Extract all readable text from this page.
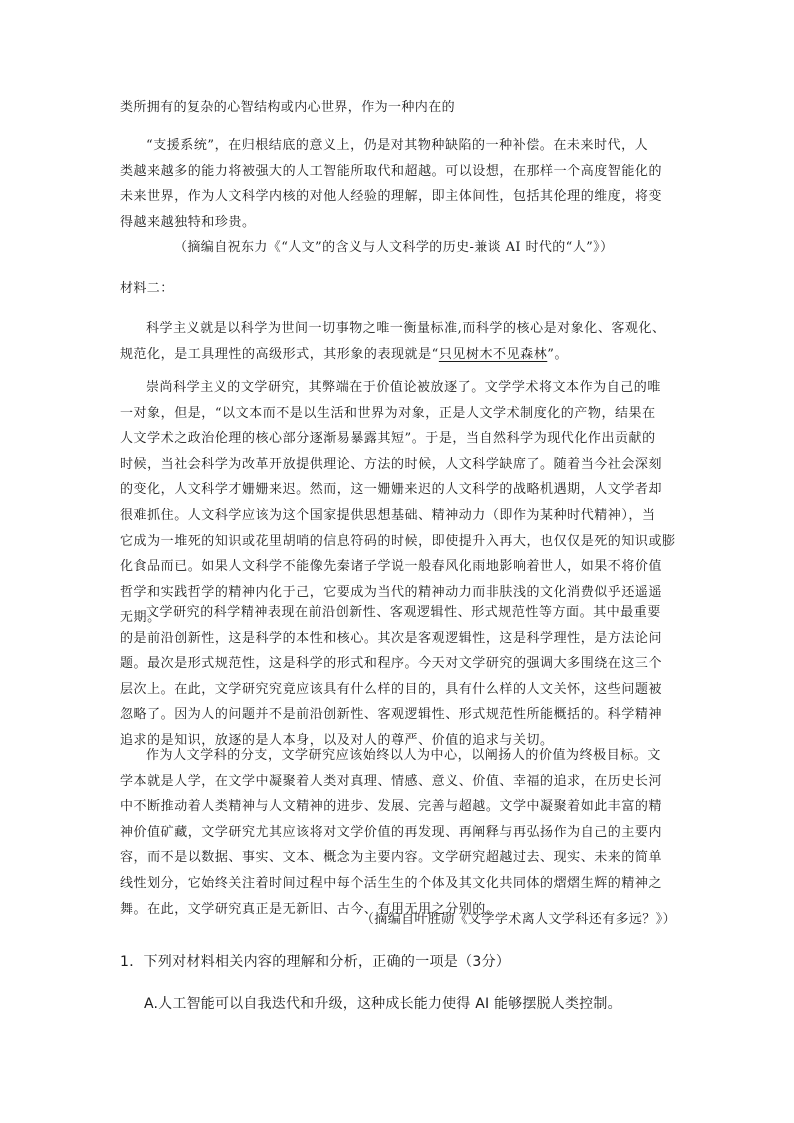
类所拥有的复杂的心智结构或内心世界，作为一种内在的
“支援系统”，在归根结底的意义上，仍是对其物种缺陷的一种补偿。在未来时代，人
类越来越多的能力将被强大的人工智能所取代和超越。可以设想，在那样一个高度智能化的
未来世界，作为人文科学内核的对他人经验的理解，即主体间性，包括其伦理的维度，将变
得越来越独特和珍贵。
（摘编自祝东力《“人文”的含义与人文科学的历史-兼谈 AI 时代的“人”》）
材料二：
科学主义就是以科学为世间一切事物之唯一衡量标准,而科学的核心是对象化、客观化、
规范化，是工具理性的高级形式，其形象的表现就是“只见树木不见森林”。
崇尚科学主义的文学研究，其弊端在于价值论被放逐了。文学学术将文本作为自己的唯
一对象，但是，“以文本而不是以生活和世界为对象，正是人文学术制度化的产物，结果在
人文学术之政治伦理的核心部分逐渐易暴露其短”。于是，当自然科学为现代化作出贡献的
时候，当社会科学为改革开放提供理论、方法的时候，人文科学缺席了。随着当今社会深刻
的变化，人文科学才姗姗来迟。然而，这一姗姗来迟的人文科学的战略机遇期，人文学者却
很难抓住。人文科学应该为这个国家提供思想基础、精神动力（即作为某种时代精神），当
它成为一堆死的知识或花里胡哨的信息符码的时候，即使提升入再大，也仅仅是死的知识或膨
化食品而已。如果人文科学不能像先秦诸子学说一般春风化雨地影响着世人，如果不将价值
哲学和实践哲学的精神内化于己，它要成为当代的精神动力而非肤浅的文化消费似乎还遥遥
无期。
文学研究的科学精神表现在前沿创新性、客观逻辑性、形式规范性等方面。其中最重要
的是前沿创新性，这是科学的本性和核心。其次是客观逻辑性，这是科学理性，是方法论问
题。最次是形式规范性，这是科学的形式和程序。今天对文学研究的强调大多围绕在这三个
层次上。在此，文学研究究竟应该具有什么样的目的，具有什么样的人文关怀，这些问题被
忽略了。因为人的问题并不是前沿创新性、客观逻辑性、形式规范性所能概括的。科学精神
追求的是知识，放逐的是人本身，以及对人的尊严、价值的追求与关切。
作为人文学科的分支，文学研究应该始终以人为中心，以阐扬人的价值为终极目标。文
学本就是人学，在文学中凝聚着人类对真理、情感、意义、价值、幸福的追求，在历史长河
中不断推动着人类精神与人文精神的进步、发展、完善与超越。文学中凝聚着如此丰富的精
神价值矿藏，文学研究尤其应该将对文学价值的再发现、再阐释与再弘扬作为自己的主要内
容，而不是以数据、事实、文本、概念为主要内容。文学研究超越过去、现实、未来的简单
线性划分，它始终关注着时间过程中每个活生生的个体及其文化共同体的熠熠生辉的精神之
舞。在此，文学研究真正是无新旧、古今、有用无用之分别的。
（摘编自叶胜勋《文学学术离人文学科还有多远？》）
1．下列对材料相关内容的理解和分析，正确的一项是（3分）
A.人工智能可以自我迭代和升级，这种成长能力使得 AI 能够摆脱人类控制。
